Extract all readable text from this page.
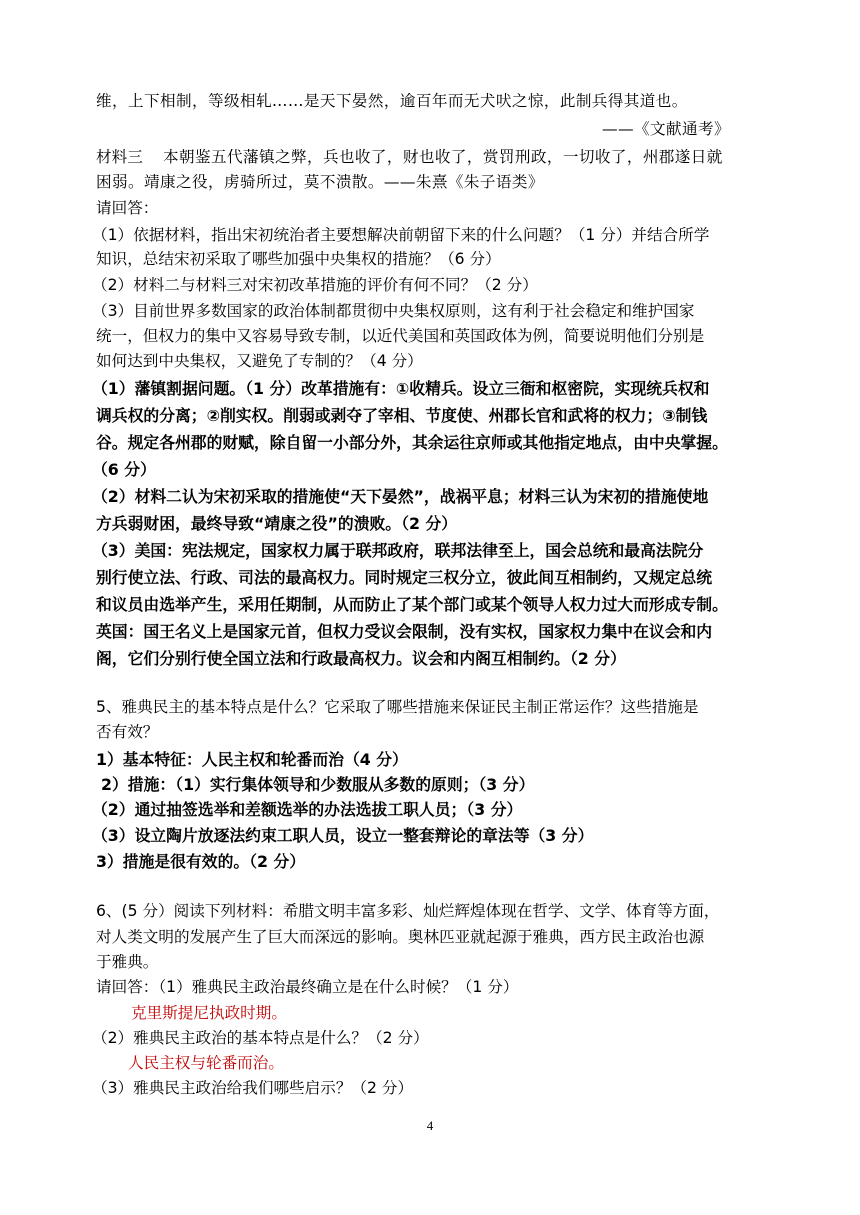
维，上下相制，等级相轧……是天下晏然，逾百年而无犬吠之惊，此制兵得其道也。
——《文献通考》
材料三 本朝鉴五代藩镇之弊，兵也收了，财也收了，赏罚刑政，一切收了，州郡遂日就
困弱。靖康之役，虏骑所过，莫不溃散。——朱熹《朱子语类》
请回答：
（1）依据材料，指出宋初统治者主要想解决前朝留下来的什么问题？（1 分）并结合所学
知识，总结宋初采取了哪些加强中央集权的措施？（6 分）
（2）材料二与材料三对宋初改革措施的评价有何不同？（2 分）
（3）目前世界多数国家的政治体制都贯彻中央集权原则，这有利于社会稳定和维护国家
统一，但权力的集中又容易导致专制，以近代美国和英国政体为例，简要说明他们分别是
如何达到中央集权，又避免了专制的？（4 分）
（1）藩镇割据问题。（1 分）改革措施有：①收精兵。设立三衙和枢密院，实现统兵权和
调兵权的分离；②削实权。削弱或剥夺了宰相、节度使、州郡长官和武将的权力；③制钱
谷。规定各州郡的财赋，除自留一小部分外，其余运往京师或其他指定地点，由中央掌握。
（6 分）
（2）材料二认为宋初采取的措施使“天下晏然”，战祸平息；材料三认为宋初的措施使地
方兵弱财困，最终导致“靖康之役”的溃败。（2 分）
（3）美国：宪法规定，国家权力属于联邦政府，联邦法律至上，国会总统和最高法院分
别行使立法、行政、司法的最高权力。同时规定三权分立，彼此间互相制约，又规定总统
和议员由选举产生，采用任期制，从而防止了某个部门或某个领导人权力过大而形成专制。
英国：国王名义上是国家元首，但权力受议会限制，没有实权，国家权力集中在议会和内
阁，它们分别行使全国立法和行政最高权力。议会和内阁互相制约。（2 分）
5、雅典民主的基本特点是什么？它采取了哪些措施来保证民主制正常运作？这些措施是
否有效？
1）基本特征：人民主权和轮番而治（4 分）
2）措施：（1）实行集体领导和少数服从多数的原则；（3 分）
（2）通过抽签选举和差额选举的办法选拔工职人员；（3 分）
（3）设立陶片放逐法约束工职人员，设立一整套辩论的章法等（3 分）
3）措施是很有效的。（2 分）
6、(5 分）阅读下列材料：希腊文明丰富多彩、灿烂辉煌体现在哲学、文学、体育等方面，
对人类文明的发展产生了巨大而深远的影响。奥林匹亚就起源于雅典，西方民主政治也源
于雅典。
请回答：（1）雅典民主政治最终确立是在什么时候？（1 分）
克里斯提尼执政时期。
（2）雅典民主政治的基本特点是什么？（2 分）
人民主权与轮番而治。
（3）雅典民主政治给我们哪些启示？（2 分）
4
